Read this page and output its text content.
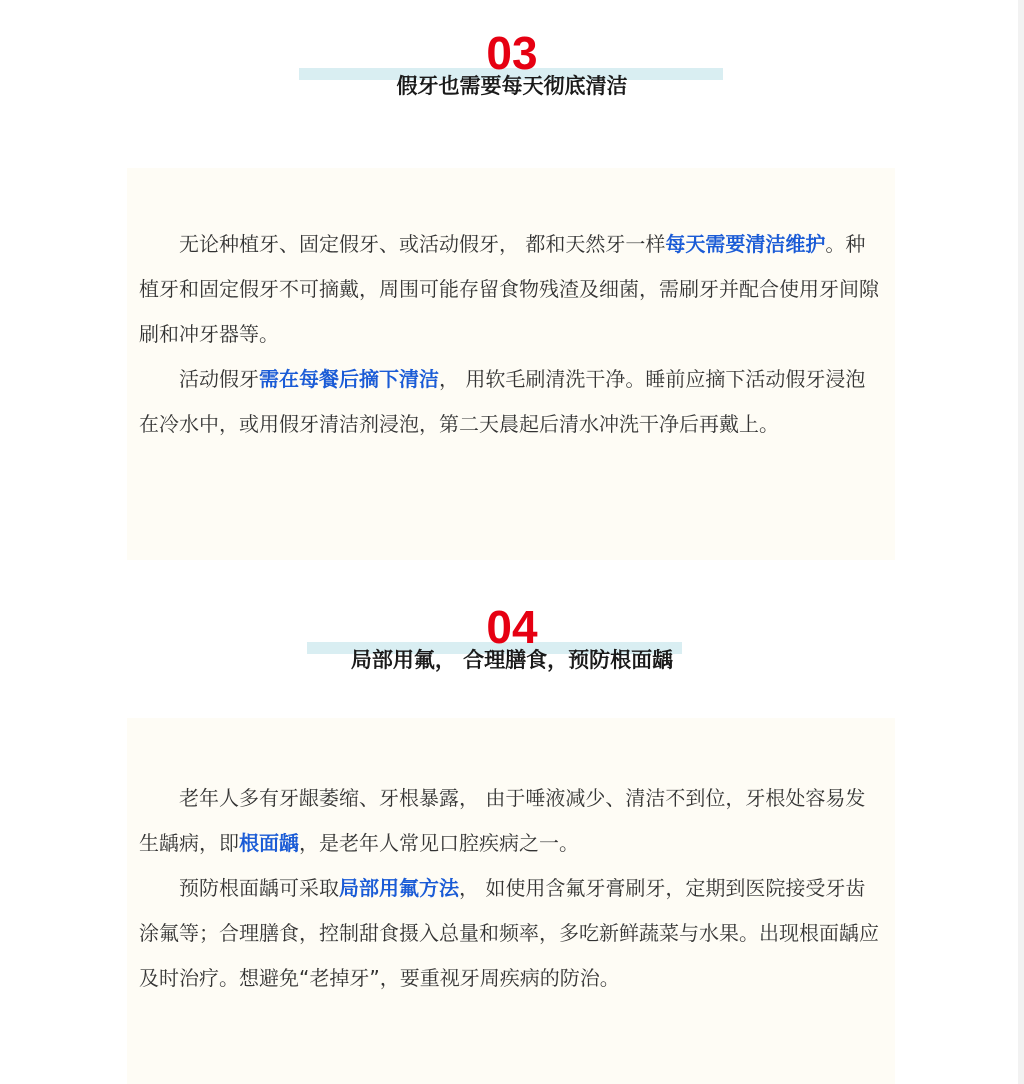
03
假牙也需要每天彻底清洁

无论种植牙、固定假牙、或活动假牙， 都和天然牙一样每天需要清洁维护。种植牙和固定假牙不可摘戴，周围可能存留食物残渣及细菌，需刷牙并配合使用牙间隙刷和冲牙器等。

活动假牙需在每餐后摘下清洁， 用软毛刷清洗干净。睡前应摘下活动假牙浸泡在冷水中，或用假牙清洁剂浸泡，第二天晨起后清水冲洗干净后再戴上。

04
局部用氟， 合理膳食，预防根面龋

老年人多有牙龈萎缩、牙根暴露， 由于唾液减少、清洁不到位，牙根处容易发生龋病，即根面龋，是老年人常见口腔疾病之一。

预防根面龋可采取局部用氟方法， 如使用含氟牙膏刷牙，定期到医院接受牙齿涂氟等；合理膳食，控制甜食摄入总量和频率，多吃新鲜蔬菜与水果。出现根面龋应及时治疗。想避免“老掉牙”，要重视牙周疾病的防治。
